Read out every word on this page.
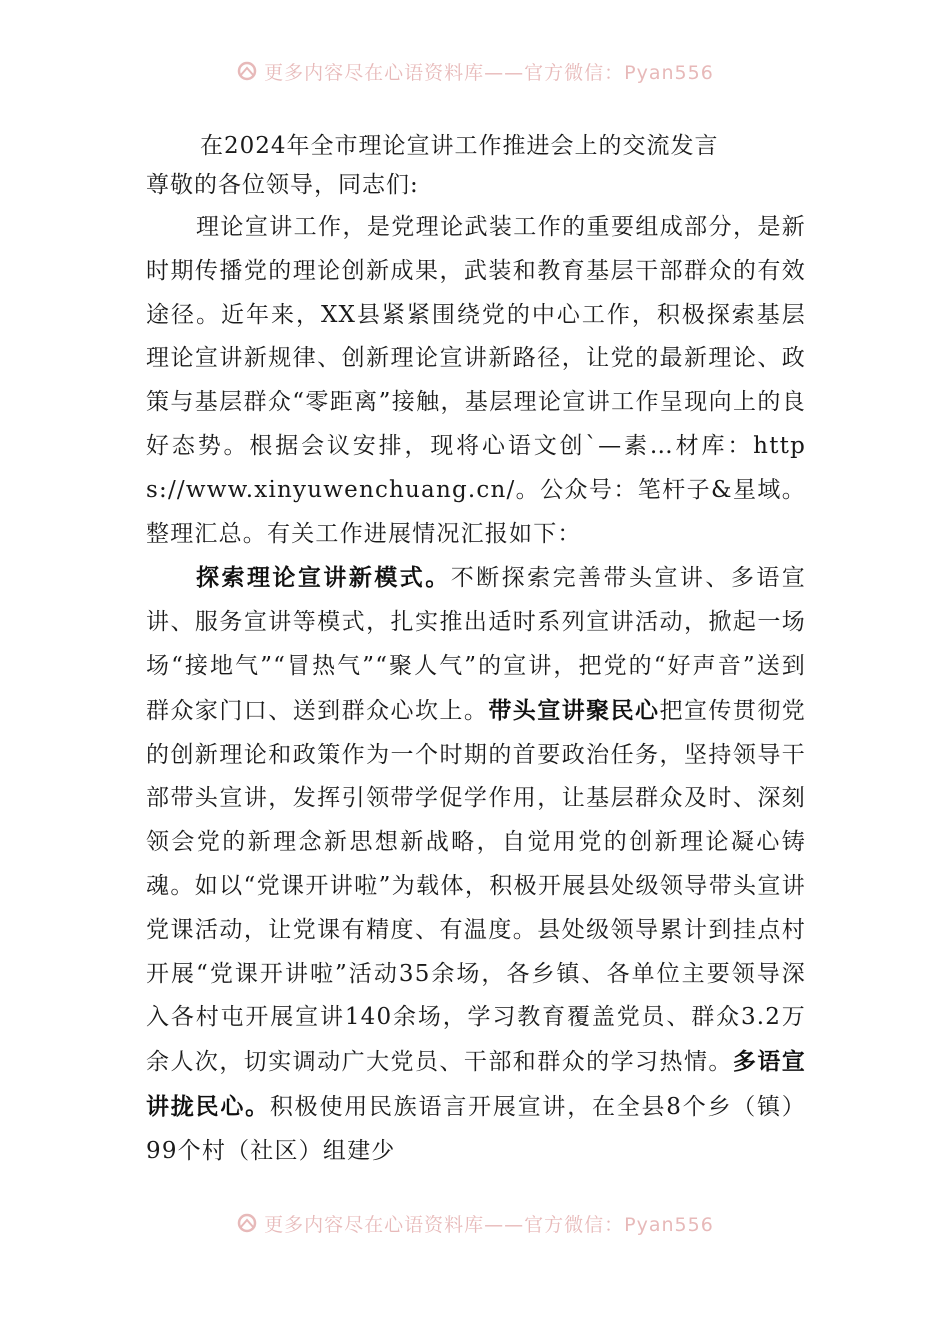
更多内容尽在心语资料库——官方微信：Pyan556
在2024年全市理论宣讲工作推进会上的交流发言

尊敬的各位领导，同志们:

理论宣讲工作，是党理论武装工作的重要组成部分，是新时期传播党的理论创新成果，武装和教育基层干部群众的有效途径。近年来，XX县紧紧围绕党的中心工作，积极探索基层理论宣讲新规律、创新理论宣讲新路径，让党的最新理论、政策与基层群众“零距离”接触，基层理论宣讲工作呈现向上的良好态势。根据会议安排，现将心语文创`—素…材库：https://www.xinyuwenchuang.cn/。公众号：笔杆子&星域。整理汇总。有关工作进展情况汇报如下：

探索理论宣讲新模式。不断探索完善带头宣讲、多语宣讲、服务宣讲等模式，扎实推出适时系列宣讲活动，掀起一场场“接地气”“冒热气”“聚人气”的宣讲，把党的“好声音”送到群众家门口、送到群众心坎上。带头宣讲聚民心把宣传贯彻党的创新理论和政策作为一个时期的首要政治任务，坚持领导干部带头宣讲，发挥引领带学促学作用，让基层群众及时、深刻领会党的新理念新思想新战略，自觉用党的创新理论凝心铸魂。如以“党课开讲啦”为载体，积极开展县处级领导带头宣讲党课活动，让党课有精度、有温度。县处级领导累计到挂点村开展“党课开讲啦”活动35余场，各乡镇、各单位主要领导深入各村屯开展宣讲140余场，学习教育覆盖党员、群众3.2万余人次，切实调动广大党员、干部和群众的学习热情。多语宣讲拢民心。积极使用民族语言开展宣讲，在全县8个乡（镇）99个村（社区）组建少

更多内容尽在心语资料库——官方微信：Pyan556
